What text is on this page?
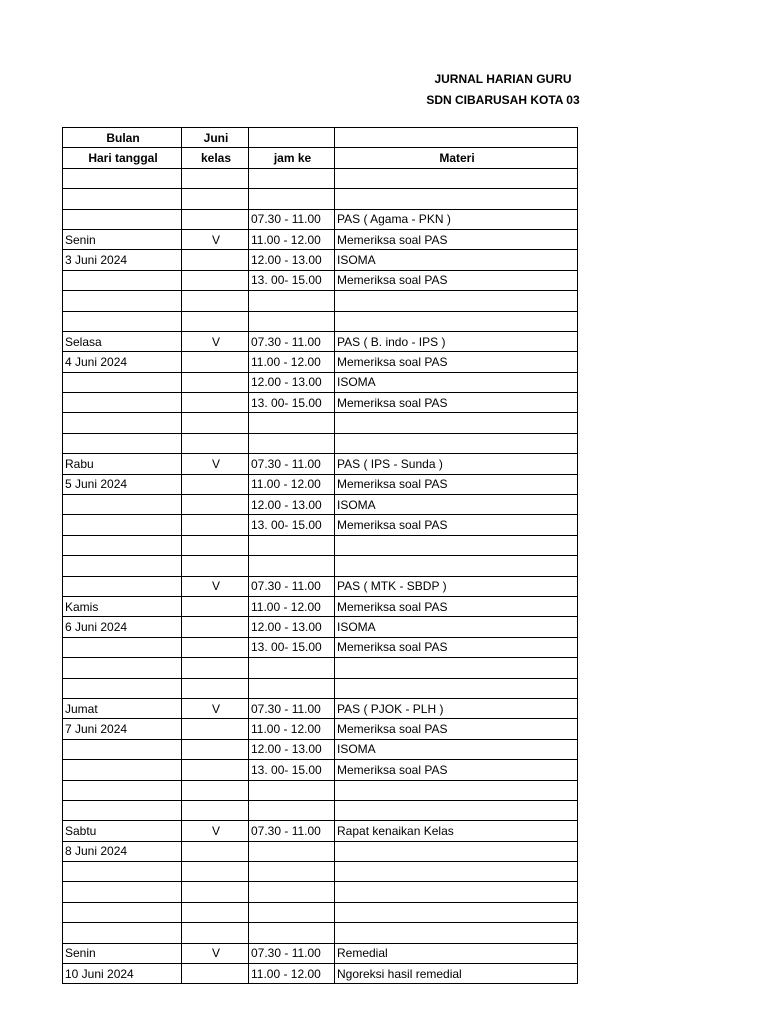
JURNAL HARIAN GURU
SDN CIBARUSAH KOTA 03
Bulan	Juni		
Hari tanggal	kelas	jam ke	Materi

		07.30 - 11.00	PAS ( Agama - PKN )
Senin	V	11.00 - 12.00	Memeriksa soal PAS
3 Juni 2024		12.00 - 13.00	ISOMA
		13. 00- 15.00	Memeriksa soal PAS

Selasa	V	07.30 - 11.00	PAS ( B. indo - IPS )
4 Juni 2024		11.00 - 12.00	Memeriksa soal PAS
		12.00 - 13.00	ISOMA
		13. 00- 15.00	Memeriksa soal PAS

Rabu	V	07.30 - 11.00	PAS ( IPS - Sunda )
5 Juni 2024		11.00 - 12.00	Memeriksa soal PAS
		12.00 - 13.00	ISOMA
		13. 00- 15.00	Memeriksa soal PAS

	V	07.30 - 11.00	PAS ( MTK - SBDP )
Kamis		11.00 - 12.00	Memeriksa soal PAS
6 Juni 2024		12.00 - 13.00	ISOMA
		13. 00- 15.00	Memeriksa soal PAS

Jumat	V	07.30 - 11.00	PAS ( PJOK - PLH )
7 Juni 2024		11.00 - 12.00	Memeriksa soal PAS
		12.00 - 13.00	ISOMA
		13. 00- 15.00	Memeriksa soal PAS

Sabtu	V	07.30 - 11.00	Rapat kenaikan Kelas
8 Juni 2024			

Senin	V	07.30 - 11.00	Remedial
10 Juni 2024		11.00 - 12.00	Ngoreksi hasil remedial
